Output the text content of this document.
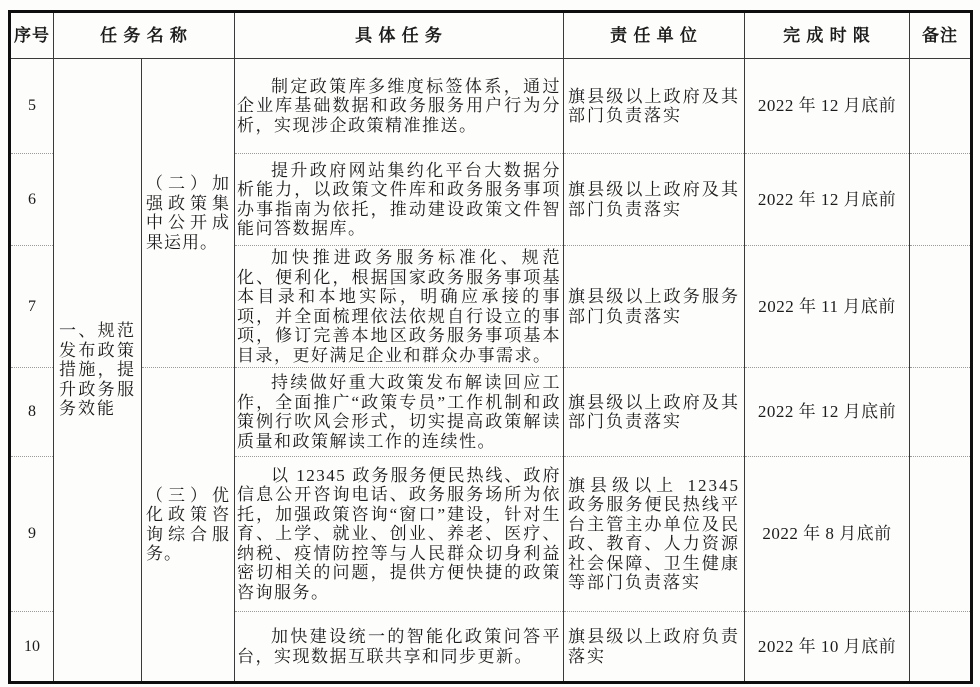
序号	任 务 名 称		具 体 任 务	责 任 单 位	完 成 时 限	备注
5	一、规范发布政策措施，提升政务服务效能	（二）加强政策集中公开成果运用。	制定政策库多维度标签体系，通过企业库基础数据和政务服务用户行为分析，实现涉企政策精准推送。	旗县级以上政府及其部门负责落实	2022 年 12 月底前	
6			提升政府网站集约化平台大数据分析能力，以政策文件库和政务服务事项办事指南为依托，推动建设政策文件智能问答数据库。	旗县级以上政府及其部门负责落实	2022 年 12 月底前	
7			加快推进政务服务标准化、规范化、便利化，根据国家政务服务事项基本目录和本地实际，明确应承接的事项，并全面梳理依法依规自行设立的事项，修订完善本地区政务服务事项基本目录，更好满足企业和群众办事需求。	旗县级以上政务服务部门负责落实	2022 年 11 月底前	
8		（三）优化政策咨询综合服务。	持续做好重大政策发布解读回应工作，全面推广“政策专员”工作机制和政策例行吹风会形式，切实提高政策解读质量和政策解读工作的连续性。	旗县级以上政府及其部门负责落实	2022 年 12 月底前	
9			以 12345 政务服务便民热线、政府信息公开咨询电话、政务服务场所为依托，加强政策咨询“窗口”建设，针对生育、上学、就业、创业、养老、医疗、纳税、疫情防控等与人民群众切身利益密切相关的问题，提供方便快捷的政策咨询服务。	旗县级以上 12345 政务服务便民热线平台主管主办单位及民政、教育、人力资源社会保障、卫生健康等部门负责落实	2022 年 8 月底前	
10			加快建设统一的智能化政策问答平台，实现数据互联共享和同步更新。	旗县级以上政府负责落实	2022 年 10 月底前	
